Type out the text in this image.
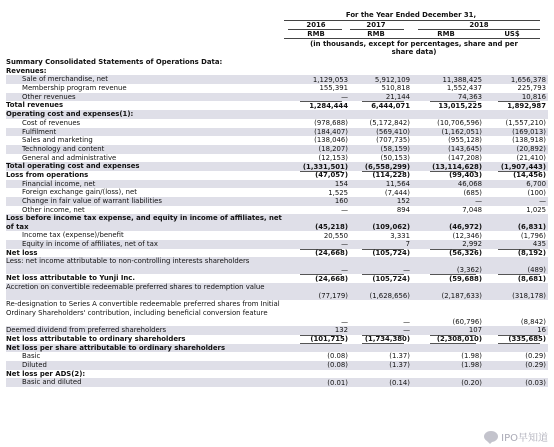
For the Year Ended December 31,
2016	2017	2018
RMB	RMB	RMB	US$
(in thousands, except for percentages, share and per share data)
Summary Consolidated Statements of Operations Data:
Revenues:
Sale of merchandise, net	1,129,053	5,912,109	11,388,425	1,656,378
Membership program revenue	155,391	510,818	1,552,437	225,793
Other revenues	—	21,144	74,363	10,816
Total revenues	1,284,444	6,444,071	13,015,225	1,892,987
Operating cost and expenses(1):
Cost of revenues	(978,688)	(5,172,842)	(10,706,596)	(1,557,210)
Fulfilment	(184,407)	(569,410)	(1,162,051)	(169,013)
Sales and marketing	(138,046)	(707,735)	(955,128)	(138,918)
Technology and content	(18,207)	(58,159)	(143,645)	(20,892)
General and administrative	(12,153)	(50,153)	(147,208)	(21,410)
Total operating cost and expenses	(1,331,501)	(6,558,299)	(13,114,628)	(1,907,443)
Loss from operations	(47,057)	(114,228)	(99,403)	(14,456)
Financial income, net	154	11,564	46,068	6,700
Foreign exchange gain/(loss), net	1,525	(7,444)	(685)	(100)
Change in fair value of warrant liabilities	160	152	—	—
Other income, net	—	894	7,048	1,025
Loss before income tax expense, and equity in income of affiliates, net of tax	(45,218)	(109,062)	(46,972)	(6,831)
Income tax (expense)/benefit	20,550	3,331	(12,346)	(1,796)
Equity in income of affiliates, net of tax	—	7	2,992	435
Net loss	(24,668)	(105,724)	(56,326)	(8,192)
Less: net income attributable to non-controlling interests shareholders
—	—	(3,362)	(489)
Net loss attributable to Yunji Inc.	(24,668)	(105,724)	(59,688)	(8,681)
Accretion on convertible redeemable preferred shares to redemption value
(77,179)	(1,628,656)	(2,187,633)	(318,178)
Re-designation to Series A convertible redeemable preferred shares from Initial Ordinary Shareholders' contribution, including beneficial conversion feature
—	—	(60,796)	(8,842)
Deemed dividend from preferred shareholders	132	—	107	16
Net loss attributable to ordinary shareholders	(101,715)	(1,734,380)	(2,308,010)	(335,685)
Net loss per share attributable to ordinary shareholders
Basic	(0.08)	(1.37)	(1.98)	(0.29)
Diluted	(0.08)	(1.37)	(1.98)	(0.29)
Net loss per ADS(2):
Basic and diluted	(0.01)	(0.14)	(0.20)	(0.03)
IPO早知道
